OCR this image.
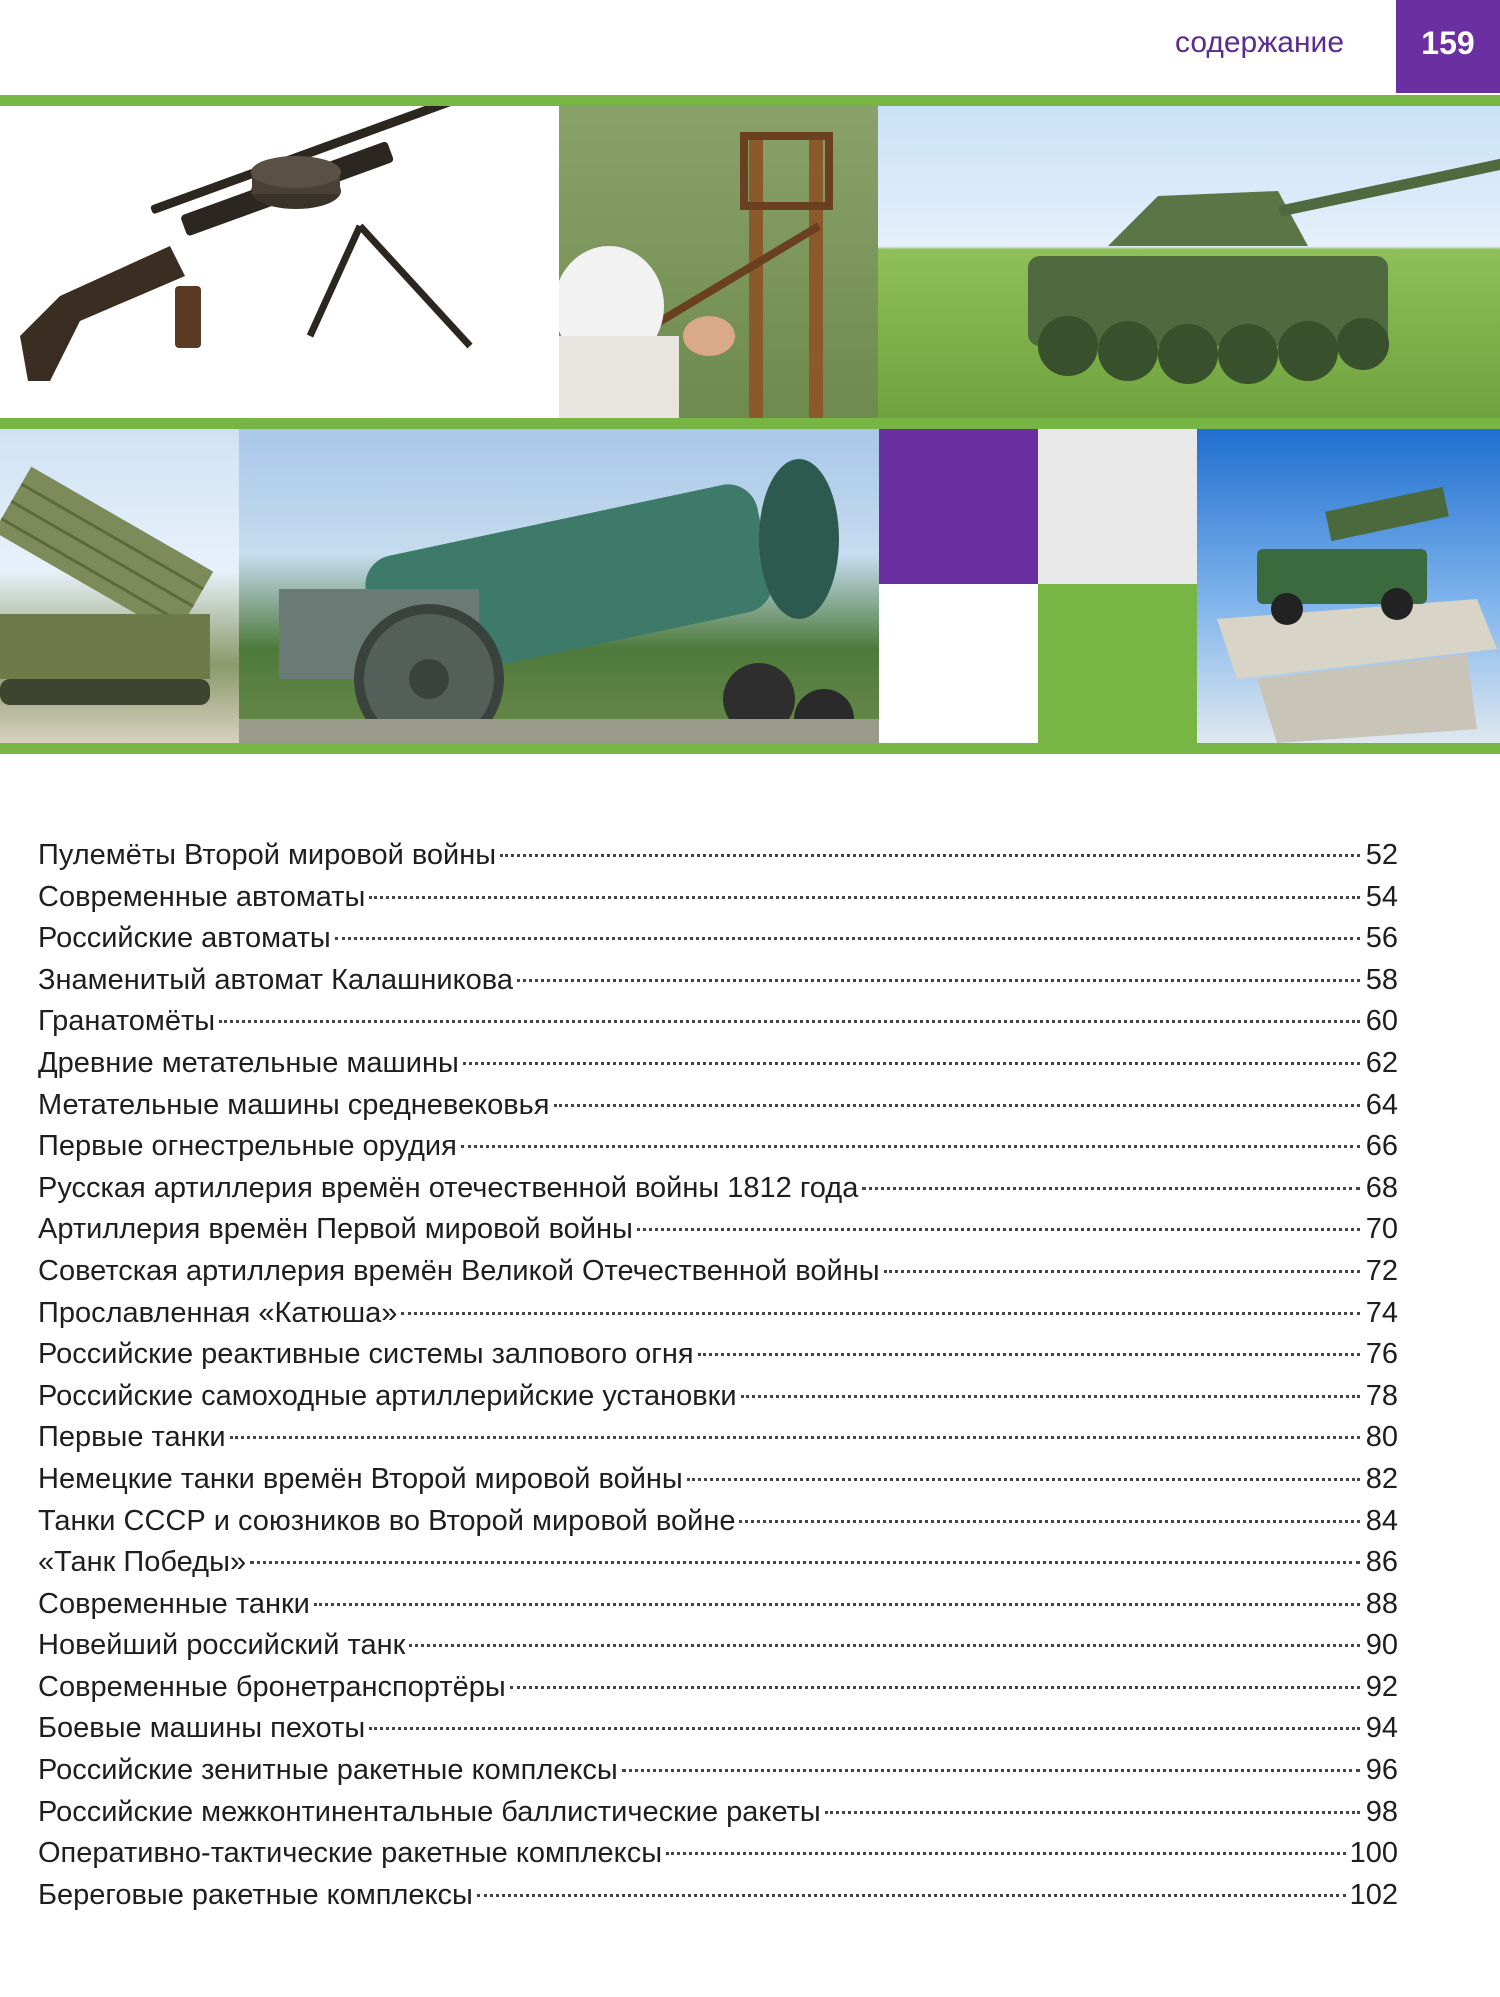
содержание	159
Пулемёты Второй мировой войны	52
Современные автоматы	54
Российские автоматы	56
Знаменитый автомат Калашникова	58
Гранатомёты	60
Древние метательные машины	62
Метательные машины средневековья	64
Первые огнестрельные орудия	66
Русская артиллерия времён отечественной войны 1812 года	68
Артиллерия времён Первой мировой войны	70
Советская артиллерия времён Великой Отечественной войны	72
Прославленная «Катюша»	74
Российские реактивные системы залпового огня	76
Российские самоходные артиллерийские установки	78
Первые танки	80
Немецкие танки времён Второй мировой войны	82
Танки СССР и союзников во Второй мировой войне	84
«Танк Победы»	86
Современные танки	88
Новейший российский танк	90
Современные бронетранспортёры	92
Боевые машины пехоты	94
Российские зенитные ракетные комплексы	96
Российские межконтинентальные баллистические ракеты	98
Оперативно-тактические ракетные комплексы	100
Береговые ракетные комплексы	102
